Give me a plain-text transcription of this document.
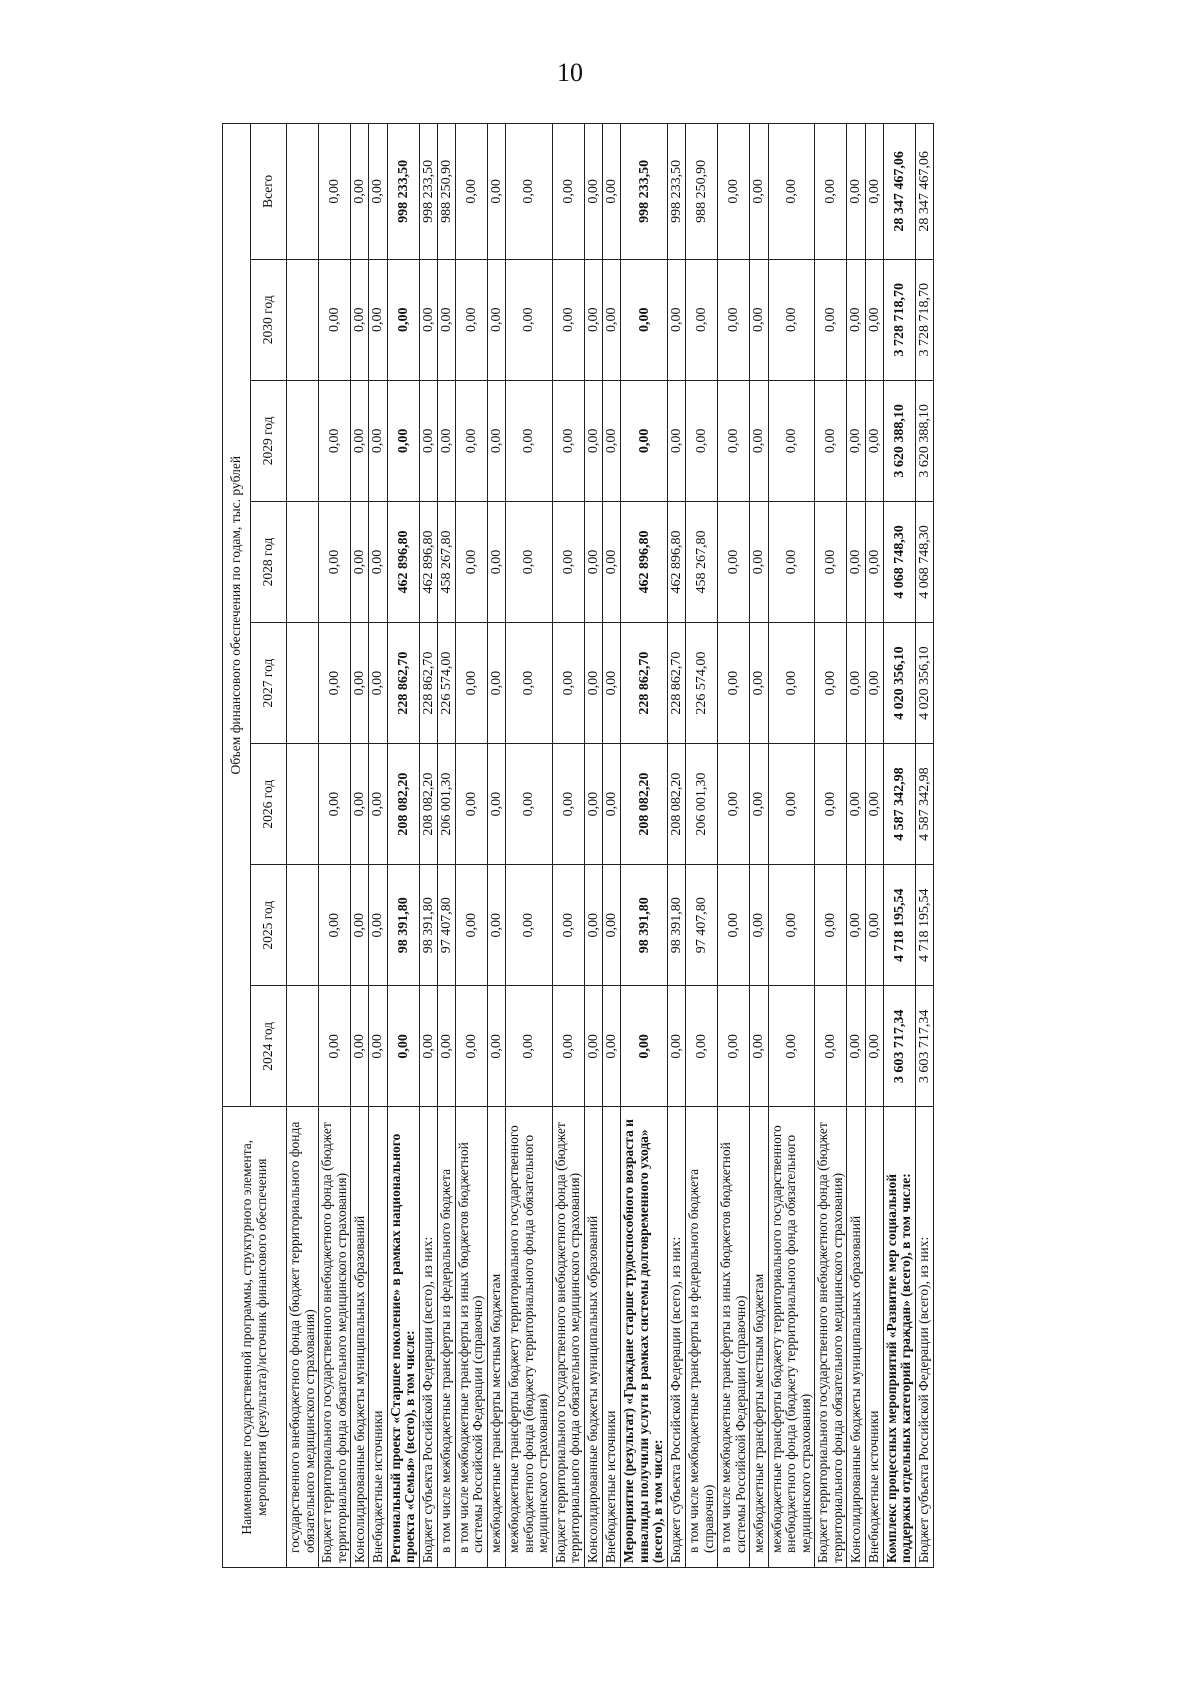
10
Наименование государственной программы, структурного элемента, мероприятия (результата)/источник финансового обеспечения	Объем финансового обеспечения по годам, тыс. рублей							
	2024 год	2025 год	2026 год	2027 год	2028 год	2029 год	2030 год	Всего
государственного внебюджетного фонда (бюджет территориального фонда обязательного медицинского страхования)								
Бюджет территориального государственного внебюджетного фонда (бюджет территориального фонда обязательного медицинского страхования)	0,00	0,00	0,00	0,00	0,00	0,00	0,00	0,00
Консолидированные бюджеты муниципальных образований	0,00	0,00	0,00	0,00	0,00	0,00	0,00	0,00
Внебюджетные источники	0,00	0,00	0,00	0,00	0,00	0,00	0,00	0,00
Региональный проект «Старшее поколение» в рамках национального проекта «Семья» (всего), в том числе:	0,00	98 391,80	208 082,20	228 862,70	462 896,80	0,00	0,00	998 233,50
Бюджет субъекта Российской Федерации (всего), из них:	0,00	98 391,80	208 082,20	228 862,70	462 896,80	0,00	0,00	998 233,50
в том числе межбюджетные трансферты из федерального бюджета	0,00	97 407,80	206 001,30	226 574,00	458 267,80	0,00	0,00	988 250,90
в том числе межбюджетные трансферты из иных бюджетов бюджетной системы Российской Федерации (справочно)	0,00	0,00	0,00	0,00	0,00	0,00	0,00	0,00
межбюджетные трансферты местным бюджетам	0,00	0,00	0,00	0,00	0,00	0,00	0,00	0,00
межбюджетные трансферты бюджету территориального государственного внебюджетного фонда (бюджету территориального фонда обязательного медицинского страхования)	0,00	0,00	0,00	0,00	0,00	0,00	0,00	0,00
Бюджет территориального государственного внебюджетного фонда (бюджет территориального фонда обязательного медицинского страхования)	0,00	0,00	0,00	0,00	0,00	0,00	0,00	0,00
Консолидированные бюджеты муниципальных образований	0,00	0,00	0,00	0,00	0,00	0,00	0,00	0,00
Внебюджетные источники	0,00	0,00	0,00	0,00	0,00	0,00	0,00	0,00
Мероприятие (результат) «Граждане старше трудоспособного возраста и инвалиды получили услуги в рамках системы долговременного ухода» (всего), в том числе:	0,00	98 391,80	208 082,20	228 862,70	462 896,80	0,00	0,00	998 233,50
Бюджет субъекта Российской Федерации (всего), из них:	0,00	98 391,80	208 082,20	228 862,70	462 896,80	0,00	0,00	998 233,50
в том числе межбюджетные трансферты из федерального бюджета (справочно)	0,00	97 407,80	206 001,30	226 574,00	458 267,80	0,00	0,00	988 250,90
в том числе межбюджетные трансферты из иных бюджетов бюджетной системы Российской Федерации (справочно)	0,00	0,00	0,00	0,00	0,00	0,00	0,00	0,00
межбюджетные трансферты местным бюджетам	0,00	0,00	0,00	0,00	0,00	0,00	0,00	0,00
межбюджетные трансферты бюджету территориального государственного внебюджетного фонда (бюджету территориального фонда обязательного медицинского страхования)	0,00	0,00	0,00	0,00	0,00	0,00	0,00	0,00
Бюджет территориального государственного внебюджетного фонда (бюджет территориального фонда обязательного медицинского страхования)	0,00	0,00	0,00	0,00	0,00	0,00	0,00	0,00
Консолидированные бюджеты муниципальных образований	0,00	0,00	0,00	0,00	0,00	0,00	0,00	0,00
Внебюджетные источники	0,00	0,00	0,00	0,00	0,00	0,00	0,00	0,00
Комплекс процессных мероприятий «Развитие мер социальной поддержки отдельных категорий граждан» (всего), в том числе:	3 603 717,34	4 718 195,54	4 587 342,98	4 020 356,10	4 068 748,30	3 620 388,10	3 728 718,70	28 347 467,06
Бюджет субъекта Российской Федерации (всего), из них:	3 603 717,34	4 718 195,54	4 587 342,98	4 020 356,10	4 068 748,30	3 620 388,10	3 728 718,70	28 347 467,06
